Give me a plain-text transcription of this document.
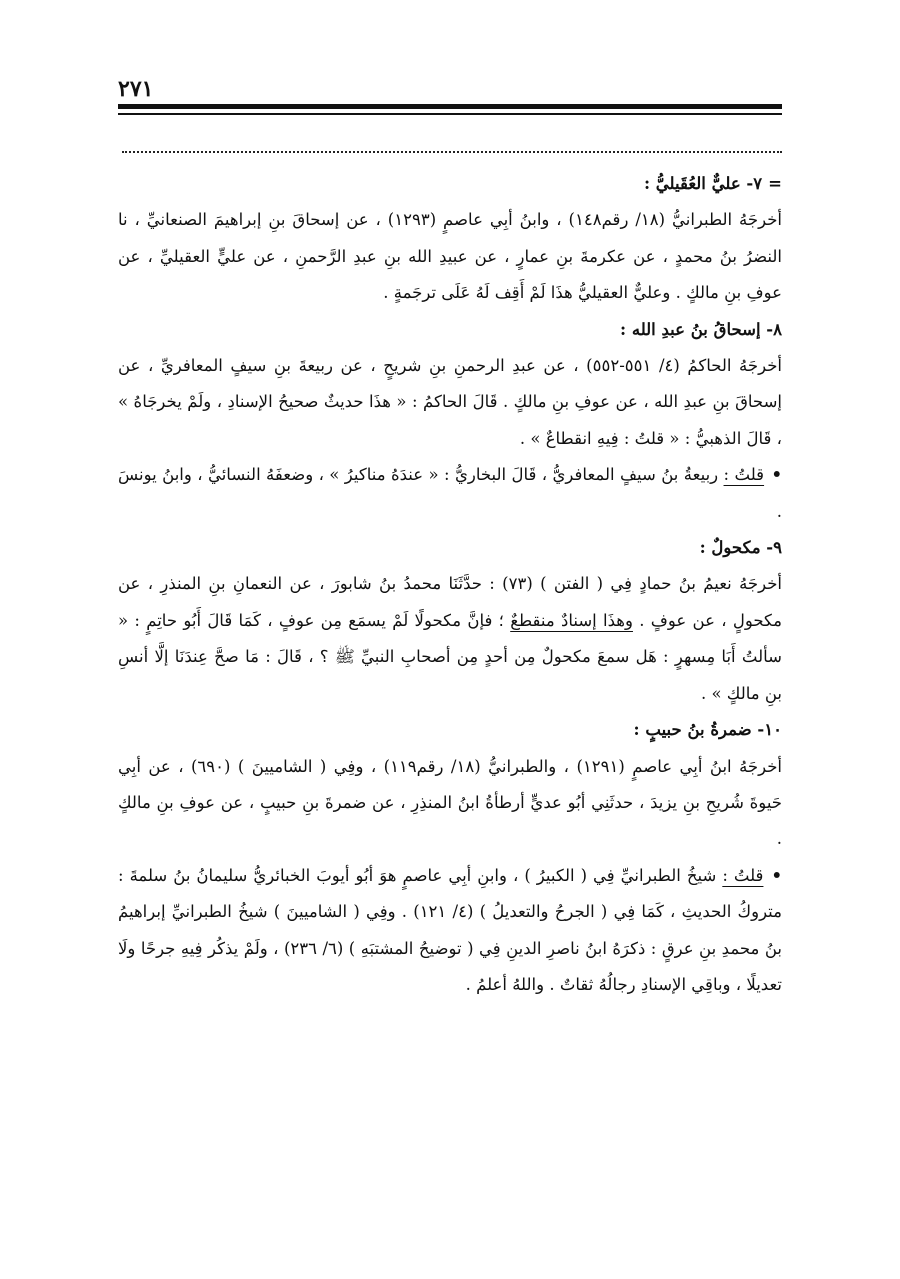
٢٧١

=٧- عليٌّ العُقَيليُّ :

أخرجَهُ الطبرانيُّ (١٨/ رقم١٤٨) ، وابنُ أبِي عاصمٍ (١٢٩٣) ، عن إسحاقَ بنِ إبراهيمَ الصنعانيِّ ، نا النضرُ بنُ محمدٍ ، عن عكرمةَ بنِ عمارٍ ، عن عبيدِ الله بنِ عبدِ الرَّحمنِ ، عن عليٍّ العقيليِّ ، عن عوفِ بنِ مالكٍ . وعليٌّ العقيليُّ هذَا لَمْ أَقِف لَهُ عَلَى ترجَمةٍ .

٨- إسحاقُ بنُ عبدِ الله :

أخرجَهُ الحاكمُ (٤/ ٥٥١-٥٥٢) ، عن عبدِ الرحمنِ بنِ شريحٍ ، عن ربيعةَ بنِ سيفٍ المعافريِّ ، عن إسحاقَ بنِ عبدِ الله ، عن عوفِ بنِ مالكٍ . قَالَ الحاكمُ : « هذَا حديثٌ صحيحُ الإسنادِ ، ولَمْ يخرجَاهُ » ، قَالَ الذهبيُّ : « قلتُ : فِيهِ انقطاعٌ » .

• قلتُ : ربيعةُ بنُ سيفٍ المعافريُّ ، قَالَ البخاريُّ : « عندَهُ مناكيرُ » ، وضعفَهُ النسائيُّ ، وابنُ يونسَ .

٩- مكحولٌ :

أخرجَهُ نعيمُ بنُ حمادٍ فِي ( الفتن ) (٧٣) : حدَّثَنَا محمدُ بنُ شابورَ ، عن النعمانِ بنِ المنذرِ ، عن مكحولٍ ، عن عوفٍ . وهذَا إسنادٌ منقطعٌ ؛ فإنَّ مكحولًا لَمْ يسمَع مِن عوفٍ ، كَمَا قَالَ أَبُو حاتِمٍ : « سألتُ أَبَا مِسهرٍ : هَل سمعَ مكحولٌ مِن أحدٍ مِن أصحابِ النبيِّ ﷺ ؟ ، قَالَ : مَا صحَّ عِندَنَا إلَّا أنسِ بنِ مالكٍ » .

١٠- ضمرةُ بنُ حبيبٍ :

أخرجَهُ ابنُ أبِي عاصمٍ (١٢٩١) ، والطبرانيُّ (١٨/ رقم١١٩) ، وفِي ( الشاميينَ ) (٦٩٠) ، عن أبِي حَيوةَ شُريحِ بنِ يزيدَ ، حدثَنِي أبُو عديٍّ أرطأةُ ابنُ المنذِرِ ، عن ضمرةَ بنِ حبيبٍ ، عن عوفِ بنِ مالكٍ .

• قلتُ : شيخُ الطبرانيِّ فِي ( الكبيرُ ) ، وابنِ أبِي عاصمٍ هوَ أبُو أيوبَ الخبائريُّ سليمانُ بنُ سلمةَ : متروكُ الحديثِ ، كَمَا فِي ( الجرحُ والتعديلُ ) (٤/ ١٢١) . وفِي ( الشاميينَ ) شيخُ الطبرانيِّ إبراهيمُ بنُ محمدِ بنِ عرقٍ : ذكرَهُ ابنُ ناصرِ الدينِ فِي ( توضيحُ المشتبَهِ ) (٦/ ٢٣٦) ، ولَمْ يذكُر فِيهِ جرحًا ولَا تعديلًا ، وباقِي الإسنادِ رجالُهُ ثقاتٌ . واللهُ أعلمُ .
